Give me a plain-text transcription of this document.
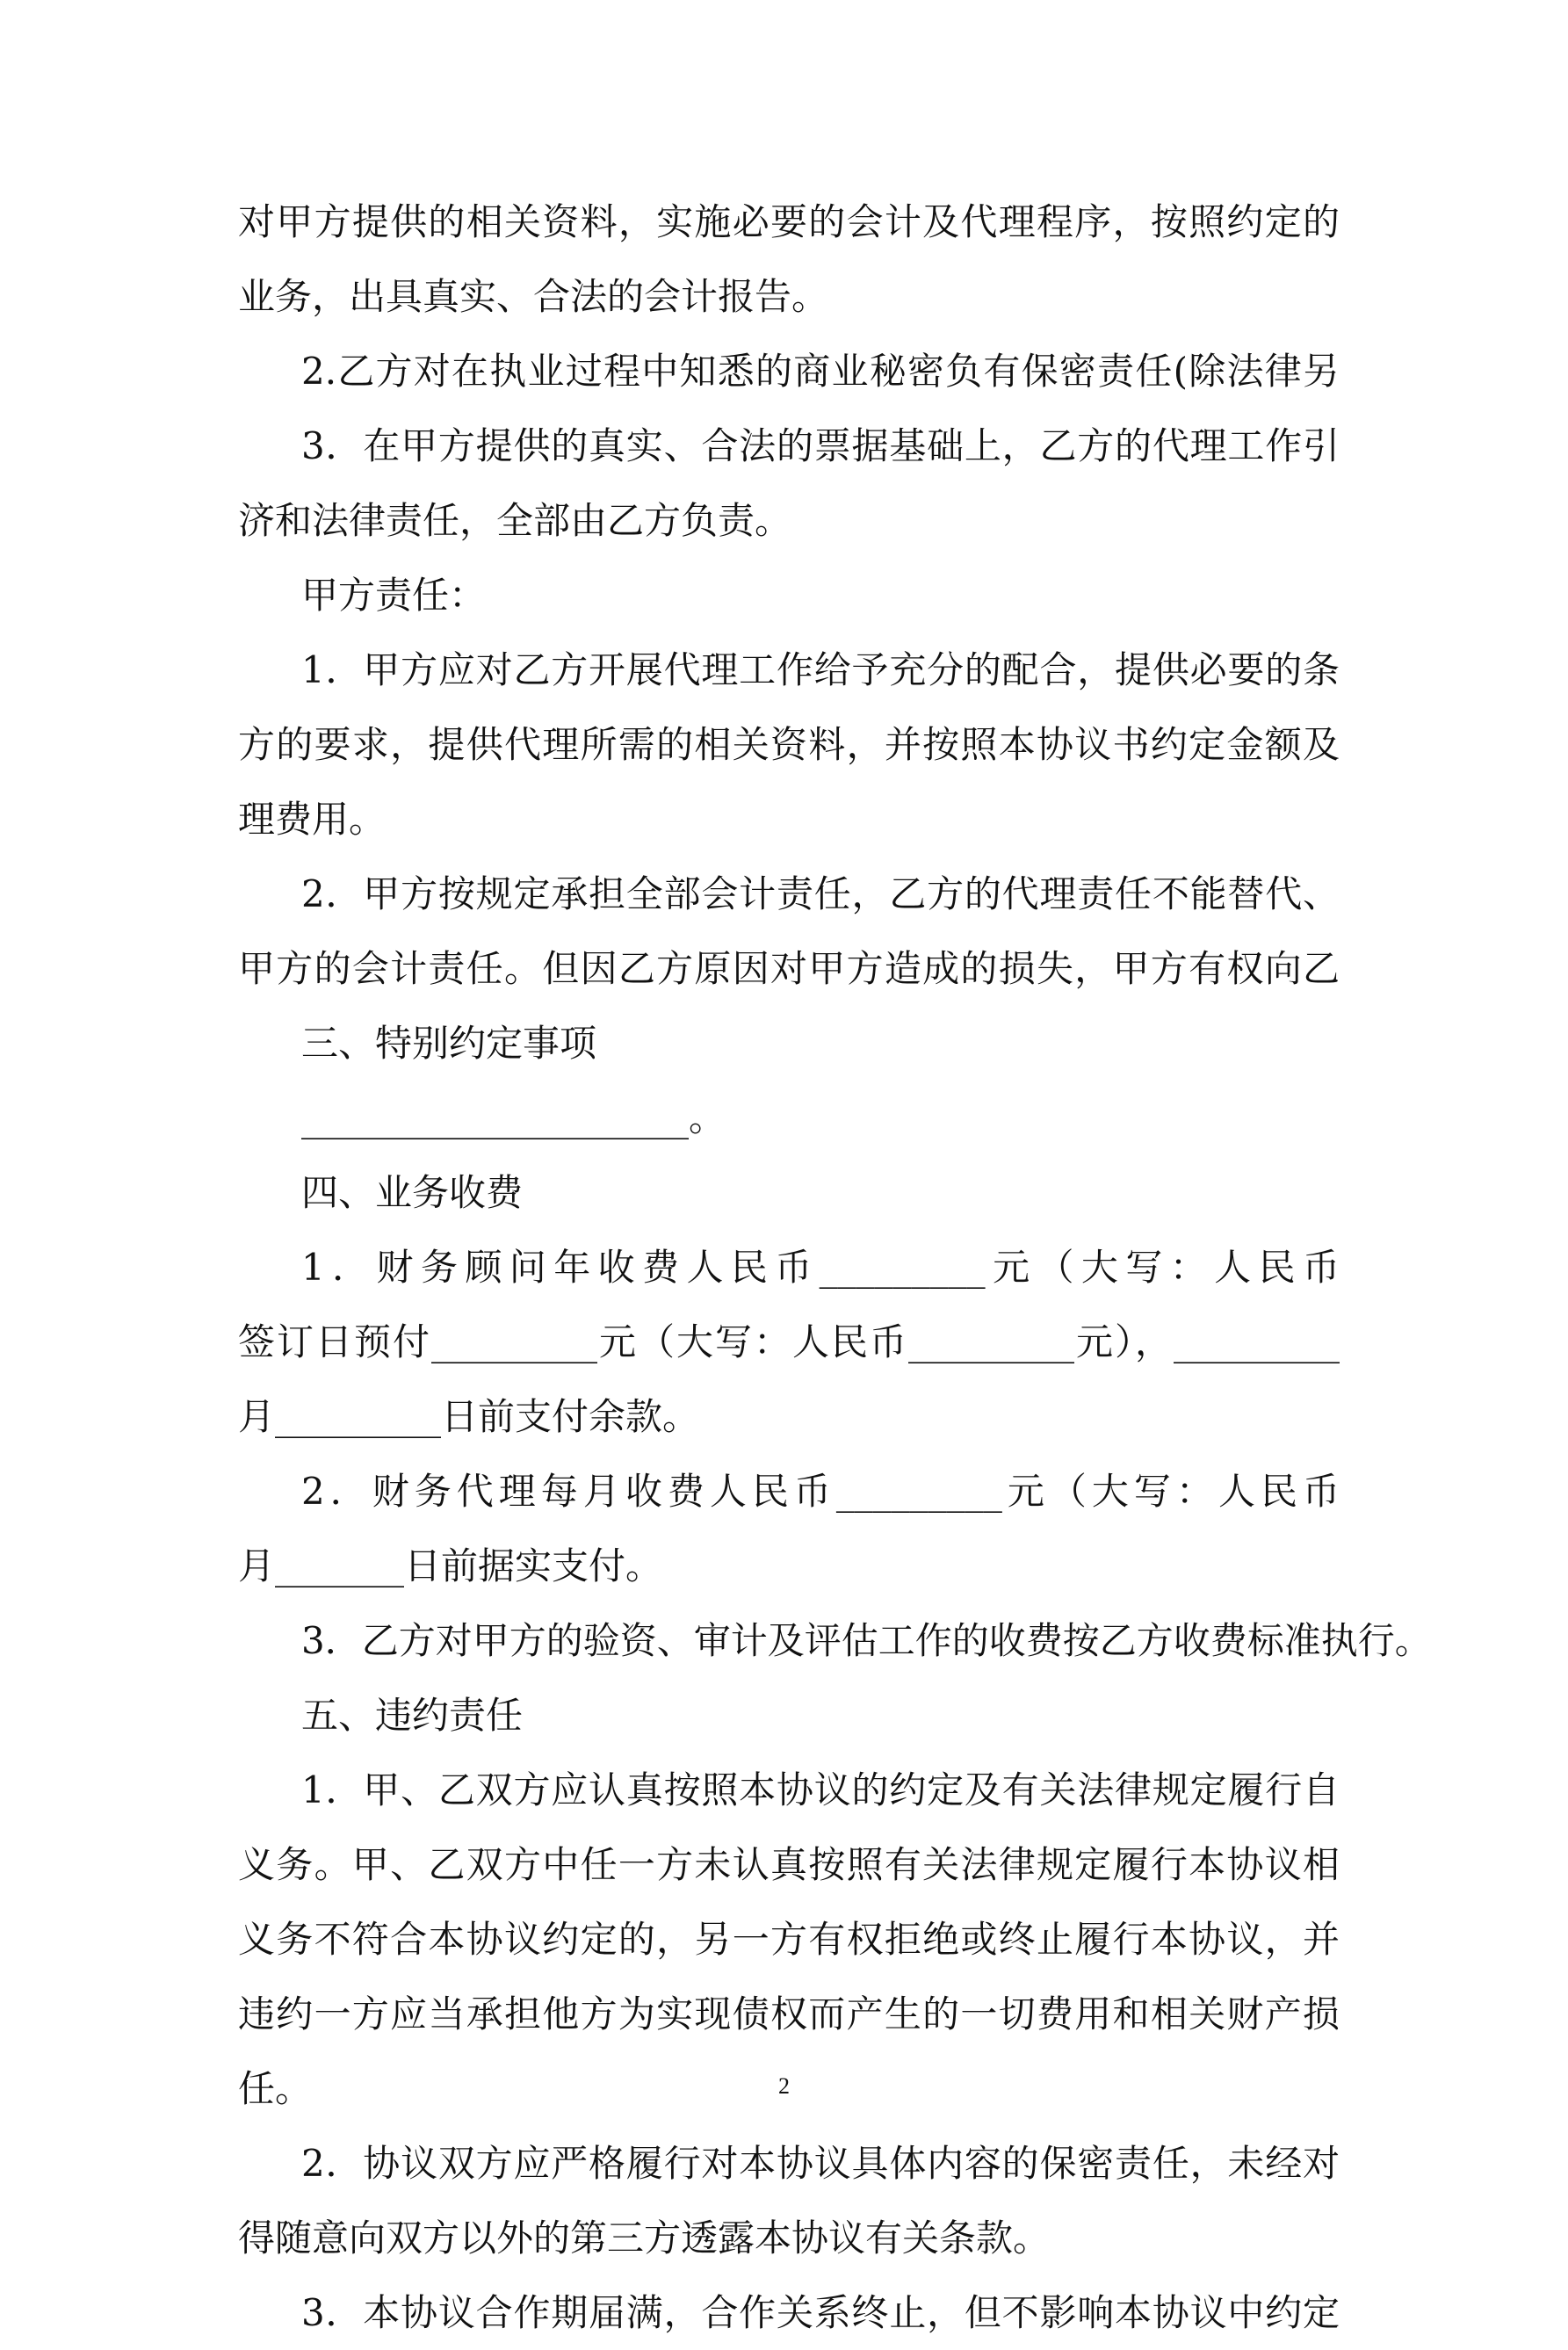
对甲方提供的相关资料，实施必要的会计及代理程序，按照约定的
业务，出具真实、合法的会计报告。
2.乙方对在执业过程中知悉的商业秘密负有保密责任(除法律另
3．在甲方提供的真实、合法的票据基础上，乙方的代理工作引
济和法律责任，全部由乙方负责。
甲方责任：
1．甲方应对乙方开展代理工作给予充分的配合，提供必要的条
方的要求，提供代理所需的相关资料，并按照本协议书约定金额及
理费用。
2．甲方按规定承担全部会计责任，乙方的代理责任不能替代、
甲方的会计责任。但因乙方原因对甲方造成的损失，甲方有权向乙
三、特别约定事项
_____________________。
四、业务收费
1．财务顾问年收费人民币_________元（大写：人民币
签订日预付_________元（大写：人民币_________元），_________
月_________日前支付余款。
2．财务代理每月收费人民币_________元（大写：人民币
月_______日前据实支付。
3．乙方对甲方的验资、审计及评估工作的收费按乙方收费标准执行。
五、违约责任
1．甲、乙双方应认真按照本协议的约定及有关法律规定履行自
义务。甲、乙双方中任一方未认真按照有关法律规定履行本协议相
义务不符合本协议约定的，另一方有权拒绝或终止履行本协议，并
违约一方应当承担他方为实现债权而产生的一切费用和相关财产损
任。
2．协议双方应严格履行对本协议具体内容的保密责任，未经对
得随意向双方以外的第三方透露本协议有关条款。
3．本协议合作期届满，合作关系终止，但不影响本协议中约定
2
